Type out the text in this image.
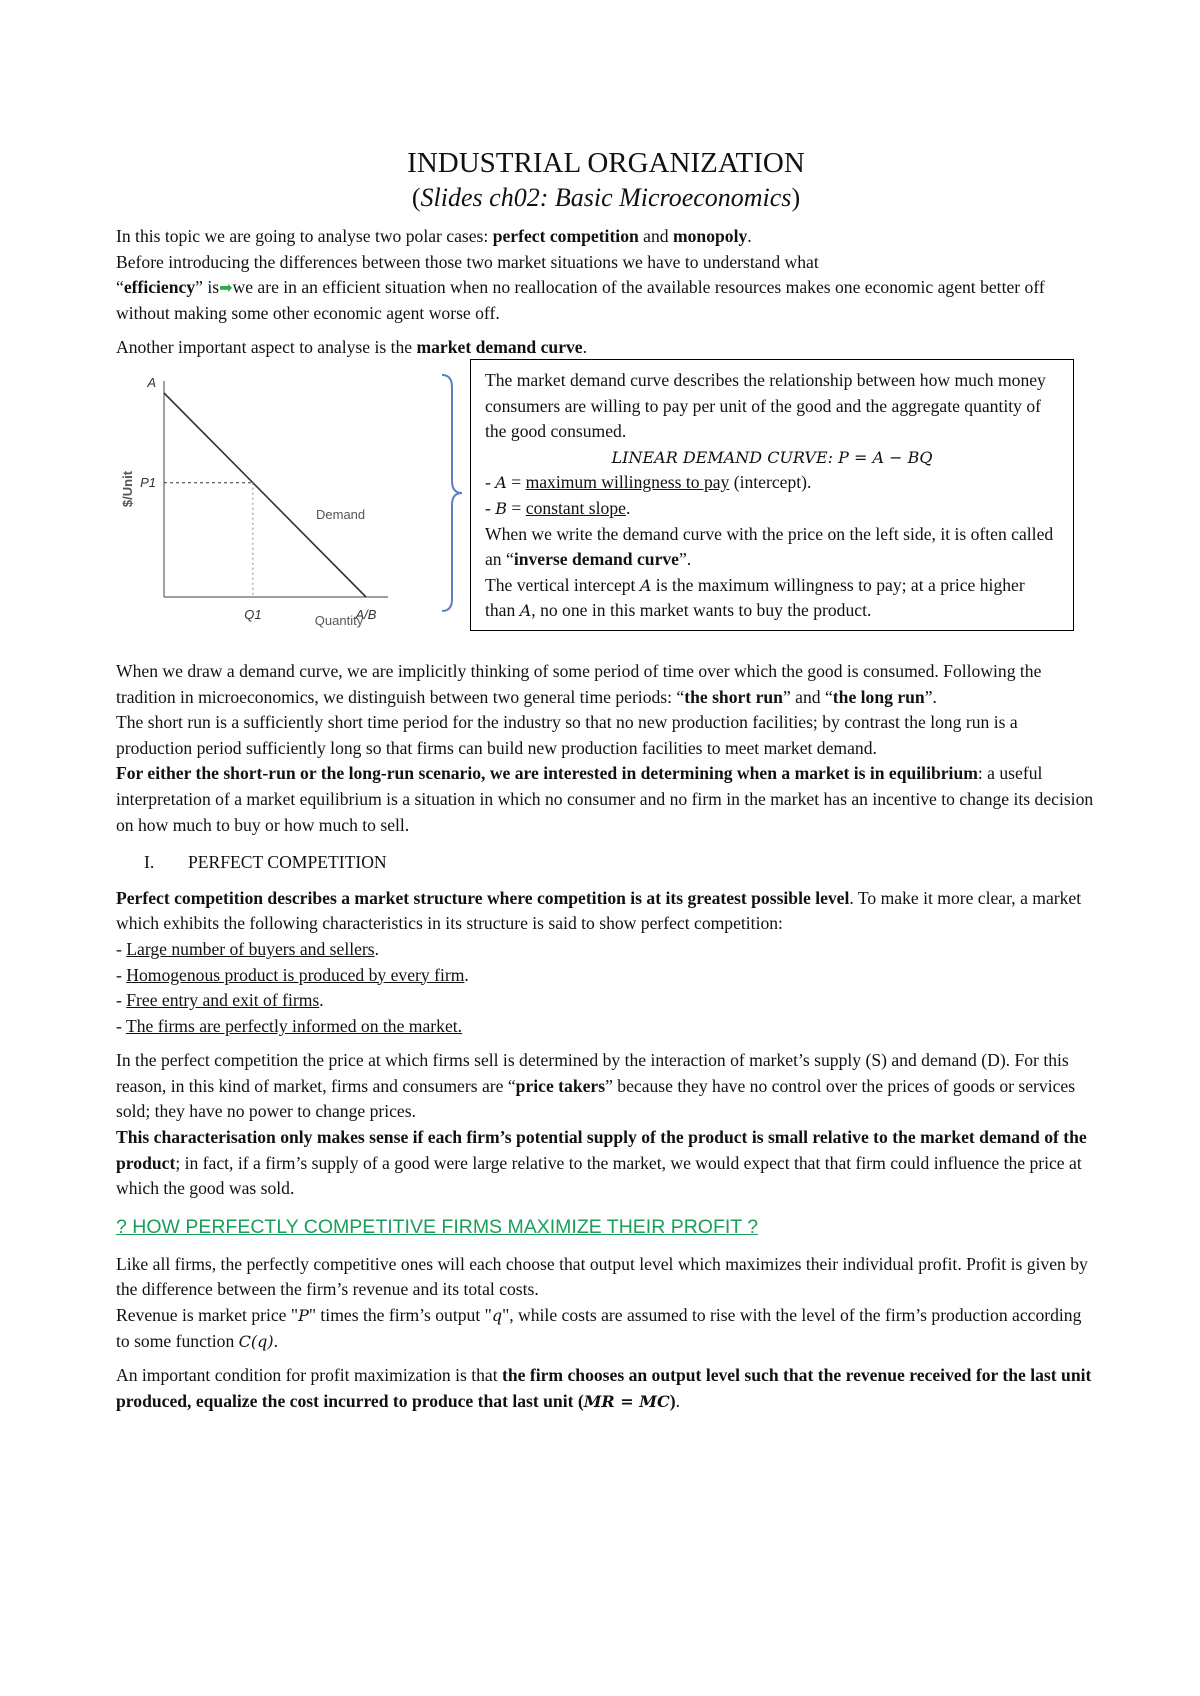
INDUSTRIAL ORGANIZATION

(Slides ch02: Basic Microeconomics)

In this topic we are going to analyse two polar cases: perfect competition and monopoly.

Before introducing the differences between those two market situations we have to understand what
“efficiency” is➡we are in an efficient situation when no reallocation of the available resources makes one economic agent better off without making some other economic agent worse off.

Another important aspect to analyse is the market demand curve.

A
P1
Q1	A/B
$/Unit
Quantity
Demand

The market demand curve describes the relationship between how much money consumers are willing to pay per unit of the good and the aggregate quantity of the good consumed.

LINEAR DEMAND CURVE: P = A − BQ

- A = maximum willingness to pay (intercept).

- B = constant slope.

When we write the demand curve with the price on the left side, it is often called an “inverse demand curve”.

The vertical intercept A is the maximum willingness to pay; at a price higher than A, no one in this market wants to buy the product.

When we draw a demand curve, we are implicitly thinking of some period of time over which the good is consumed. Following the tradition in microeconomics, we distinguish between two general time periods: “the short run” and “the long run”.

The short run is a sufficiently short time period for the industry so that no new production facilities; by contrast the long run is a production period sufficiently long so that firms can build new production facilities to meet market demand.

For either the short-run or the long-run scenario, we are interested in determining when a market is in equilibrium: a useful interpretation of a market equilibrium is a situation in which no consumer and no firm in the market has an incentive to change its decision on how much to buy or how much to sell.

I. PERFECT COMPETITION

Perfect competition describes a market structure where competition is at its greatest possible level. To make it more clear, a market which exhibits the following characteristics in its structure is said to show perfect competition:

- Large number of buyers and sellers.

- Homogenous product is produced by every firm.

- Free entry and exit of firms.

- The firms are perfectly informed on the market.

In the perfect competition the price at which firms sell is determined by the interaction of market’s supply (S) and demand (D). For this reason, in this kind of market, firms and consumers are “price takers” because they have no control over the prices of goods or services sold; they have no power to change prices.

This characterisation only makes sense if each firm’s potential supply of the product is small relative to the market demand of the product; in fact, if a firm’s supply of a good were large relative to the market, we would expect that that firm could influence the price at which the good was sold.

? HOW PERFECTLY COMPETITIVE FIRMS MAXIMIZE THEIR PROFIT ?

Like all firms, the perfectly competitive ones will each choose that output level which maximizes their individual profit. Profit is given by the difference between the firm’s revenue and its total costs.

Revenue is market price "P" times the firm’s output "q", while costs are assumed to rise with the level of the firm’s production according to some function C(q).

An important condition for profit maximization is that the firm chooses an output level such that the revenue received for the last unit produced, equalize the cost incurred to produce that last unit (MR = MC).
